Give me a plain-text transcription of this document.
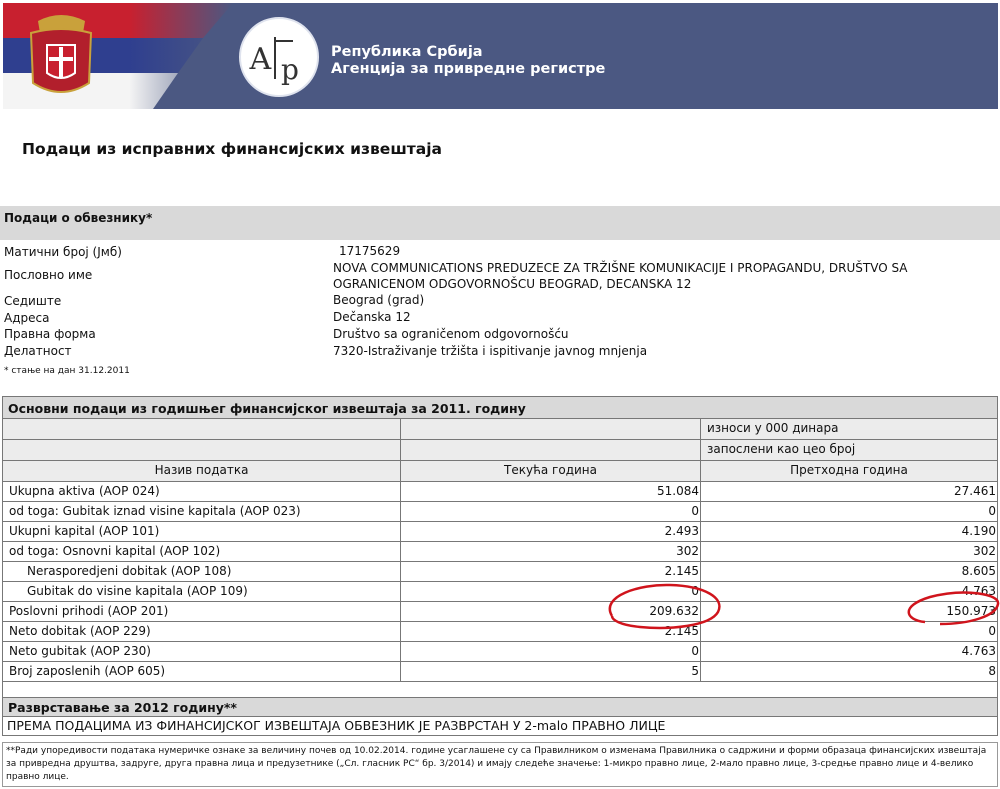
А р
Република Србија
Агенција за привредне регистре
Подаци из исправних финансијских извештаја
Подаци о обвезнику*
Матични број (Јмб)	17175629
Пословно име	NOVA COMMUNICATIONS PREDUZECE ZA TRŽIŠNE KOMUNIKACIJE I PROPAGANDU, DRUŠTVO SA OGRANICENOM ODGOVORNOŠCU BEOGRAD, DECANSKA 12
Седиште	Beograd (grad)
Адреса	Dečanska 12
Правна форма	Društvo sa ograničenom odgovornošću
Делатност	7320-Istraživanje tržišta i ispitivanje javnog mnjenja
* стање на дан 31.12.2011
Основни подаци из годишњег финансијског извештаја за 2011. годину
износи у 000 динара
запослени као цео број
Назив податка	Текућа година	Претходна година
Ukupna aktiva (AOP 024)	51.084	27.461
od toga: Gubitak iznad visine kapitala (AOP 023)	0	0
Ukupni kapital (AOP 101)	2.493	4.190
od toga: Osnovni kapital (AOP 102)	302	302
Nerasporedjeni dobitak (AOP 108)	2.145	8.605
Gubitak do visine kapitala (AOP 109)	0	4.763
Poslovni prihodi (AOP 201)	209.632	150.973
Neto dobitak (AOP 229)	2.145	0
Neto gubitak (AOP 230)	0	4.763
Broj zaposlenih (AOP 605)	5	8
Разврставање за 2012 годину**
ПРЕМА ПОДАЦИМА ИЗ ФИНАНСИЈСКОГ ИЗВЕШТАЈА ОБВЕЗНИК ЈЕ РАЗВРСТАН У 2-malo ПРАВНО ЛИЦЕ
**Ради упоредивости података нумеричке ознаке за величину почев од 10.02.2014. године усаглашене су са Правилником о изменама Правилника о садржини и форми образаца финансијских извештаја за привредна друштва, задруге, друга правна лица и предузетнике („Сл. гласник РС“ бр. 3/2014) и имају следеће значење: 1-микро правно лице, 2-мало правно лице, 3-средње правно лице и 4-велико правно лице.
